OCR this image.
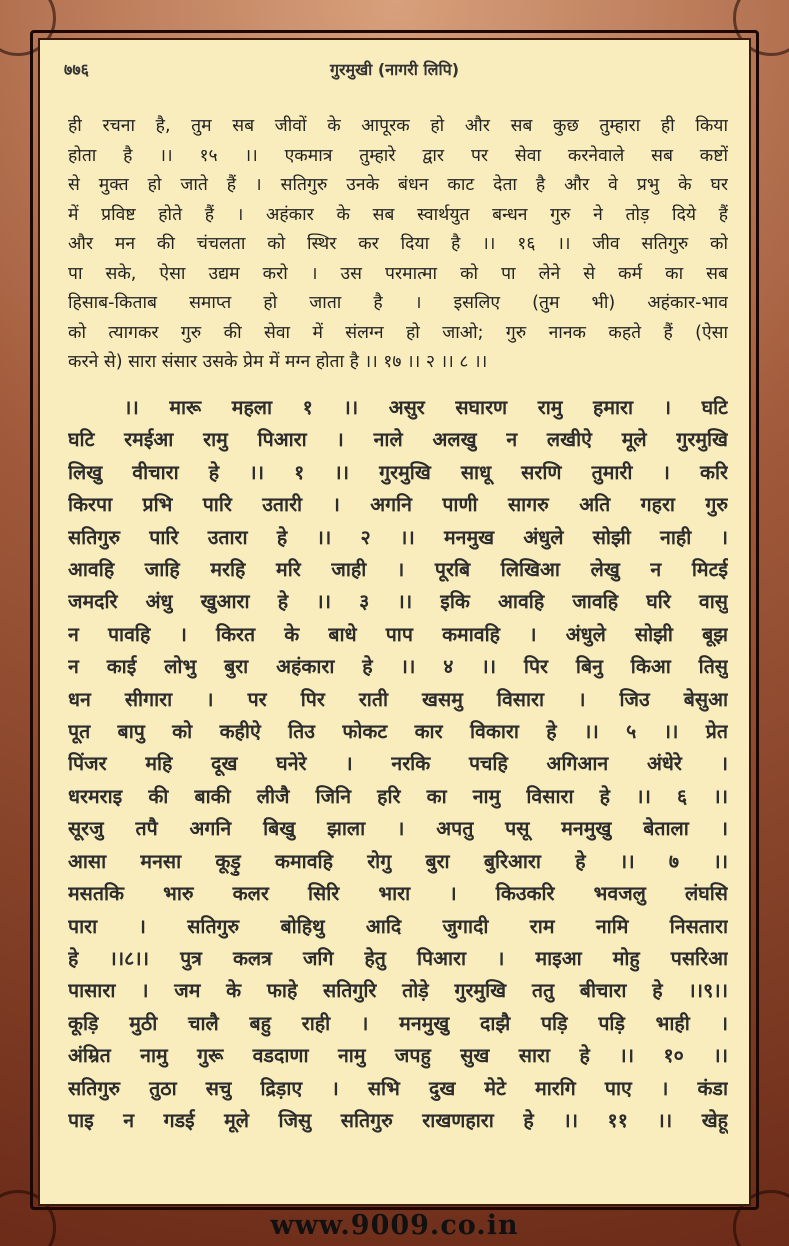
७७६	गुरमुखी (नागरी लिपि)
ही रचना है, तुम सब जीवों के आपूरक हो और सब कुछ तुम्हारा ही किया
होता है ।। १५ ।। एकमात्र तुम्हारे द्वार पर सेवा करनेवाले सब कष्टों
से मुक्त हो जाते हैं । सतिगुरु उनके बंधन काट देता है और वे प्रभु के घर
में प्रविष्ट होते हैं । अहंकार के सब स्वार्थयुत बन्धन गुरु ने तोड़ दिये हैं
और मन की चंचलता को स्थिर कर दिया है ।। १६ ।। जीव सतिगुरु को
पा सके, ऐसा उद्यम करो । उस परमात्मा को पा लेने से कर्म का सब
हिसाब-किताब समाप्त हो जाता है । इसलिए (तुम भी) अहंकार-भाव
को त्यागकर गुरु की सेवा में संलग्न हो जाओ; गुरु नानक कहते हैं (ऐसा
करने से) सारा संसार उसके प्रेम में मग्न होता है ।। १७ ।। २ ।। ८ ।।
।। मारू महला १ ।। असुर सघारण रामु हमारा । घटि
घटि रमईआ रामु पिआरा । नाले अलखु न लखीऐ मूले गुरमुखि
लिखु वीचारा हे ।। १ ।। गुरमुखि साधू सरणि तुमारी । करि
किरपा प्रभि पारि उतारी । अगनि पाणी सागरु अति गहरा गुरु
सतिगुरु पारि उतारा हे ।। २ ।। मनमुख अंधुले सोझी नाही ।
आवहि जाहि मरहि मरि जाही । पूरबि लिखिआ लेखु न मिटई
जमदरि अंधु खुआरा हे ।। ३ ।। इकि आवहि जावहि घरि वासु
न पावहि । किरत के बाधे पाप कमावहि । अंधुले सोझी बूझ
न काई लोभु बुरा अहंकारा हे ।। ४ ।। पिर बिनु किआ तिसु
धन सीगारा । पर पिर राती खसमु विसारा । जिउ बेसुआ
पूत बापु को कहीऐ तिउ फोकट कार विकारा हे ।। ५ ।। प्रेत
पिंजर महि दूख घनेरे । नरकि पचहि अगिआन अंधेरे ।
धरमराइ की बाकी लीजै जिनि हरि का नामु विसारा हे ।। ६ ।।
सूरजु तपै अगनि बिखु झाला । अपतु पसू मनमुखु बेताला ।
आसा मनसा कूड़ु कमावहि रोगु बुरा बुरिआरा हे ।। ७ ।।
मसतकि भारु कलर सिरि भारा । किउकरि भवजलु लंघसि
पारा । सतिगुरु बोहिथु आदि जुगादी राम नामि निसतारा
हे ।।८।। पुत्र कलत्र जगि हेतु पिआरा । माइआ मोहु पसरिआ
पासारा । जम के फाहे सतिगुरि तोड़े गुरमुखि ततु बीचारा हे ।।९।।
कूड़ि मुठी चालै बहु राही । मनमुखु दाझै पड़ि पड़ि भाही ।
अंम्रित नामु गुरू वडदाणा नामु जपहु सुख सारा हे ।। १० ।।
सतिगुरु तुठा सचु द्रिड़ाए । सभि दुख मेटे मारगि पाए । कंडा
पाइ न गडई मूले जिसु सतिगुरु राखणहारा हे ।। ११ ।। खेहू
www.9009.co.in
